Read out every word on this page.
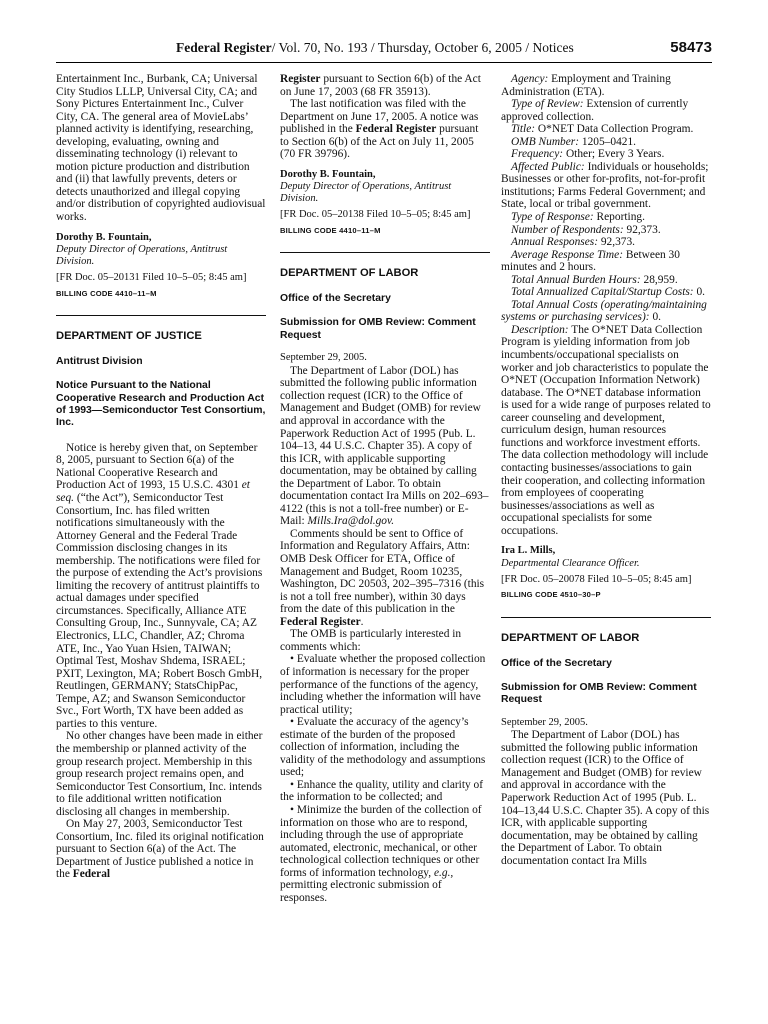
Federal Register/ Vol. 70, No. 193 / Thursday, October 6, 2005 / Notices	58473

Entertainment Inc., Burbank, CA; Universal City Studios LLLP, Universal City, CA; and Sony Pictures Entertainment Inc., Culver City, CA. The general area of MovieLabs’ planned activity is identifying, researching, developing, evaluating, owning and disseminating technology (i) relevant to motion picture production and distribution and (ii) that lawfully prevents, deters or detects unauthorized and illegal copying and/or distribution of copyrighted audiovisual works.

Dorothy B. Fountain,

Deputy Director of Operations, Antitrust Division.

[FR Doc. 05–20131 Filed 10–5–05; 8:45 am]

BILLING CODE 4410–11–M

DEPARTMENT OF JUSTICE

Antitrust Division

Notice Pursuant to the National Cooperative Research and Production Act of 1993—Semiconductor Test Consortium, Inc.

Notice is hereby given that, on September 8, 2005, pursuant to Section 6(a) of the National Cooperative Research and Production Act of 1993, 15 U.S.C. 4301 et seq. (“the Act”), Semiconductor Test Consortium, Inc. has filed written notifications simultaneously with the Attorney General and the Federal Trade Commission disclosing changes in its membership. The notifications were filed for the purpose of extending the Act’s provisions limiting the recovery of antitrust plaintiffs to actual damages under specified circumstances. Specifically, Alliance ATE Consulting Group, Inc., Sunnyvale, CA; AZ Electronics, LLC, Chandler, AZ; Chroma ATE, Inc., Yao Yuan Hsien, TAIWAN; Optimal Test, Moshav Shdema, ISRAEL; PXIT, Lexington, MA; Robert Bosch GmbH, Reutlingen, GERMANY; StatsChipPac, Tempe, AZ; and Swanson Semiconductor Svc., Fort Worth, TX have been added as parties to this venture.

No other changes have been made in either the membership or planned activity of the group research project. Membership in this group research project remains open, and Semiconductor Test Consortium, Inc. intends to file additional written notification disclosing all changes in membership.

On May 27, 2003, Semiconductor Test Consortium, Inc. filed its original notification pursuant to Section 6(a) of the Act. The Department of Justice published a notice in the Federal

Register pursuant to Section 6(b) of the Act on June 17, 2003 (68 FR 35913).

The last notification was filed with the Department on June 17, 2005. A notice was published in the Federal Register pursuant to Section 6(b) of the Act on July 11, 2005 (70 FR 39796).

Dorothy B. Fountain,

Deputy Director of Operations, Antitrust Division.

[FR Doc. 05–20138 Filed 10–5–05; 8:45 am]

BILLING CODE 4410–11–M

DEPARTMENT OF LABOR

Office of the Secretary

Submission for OMB Review: Comment Request

September 29, 2005.

The Department of Labor (DOL) has submitted the following public information collection request (ICR) to the Office of Management and Budget (OMB) for review and approval in accordance with the Paperwork Reduction Act of 1995 (Pub. L. 104–13, 44 U.S.C. Chapter 35). A copy of this ICR, with applicable supporting documentation, may be obtained by calling the Department of Labor. To obtain documentation contact Ira Mills on 202–693–4122 (this is not a toll-free number) or E-Mail: Mills.Ira@dol.gov.

Comments should be sent to Office of Information and Regulatory Affairs, Attn: OMB Desk Officer for ETA, Office of Management and Budget, Room 10235, Washington, DC 20503, 202–395–7316 (this is not a toll free number), within 30 days from the date of this publication in the Federal Register.

The OMB is particularly interested in comments which:

• Evaluate whether the proposed collection of information is necessary for the proper performance of the functions of the agency, including whether the information will have practical utility;

• Evaluate the accuracy of the agency’s estimate of the burden of the proposed collection of information, including the validity of the methodology and assumptions used;

• Enhance the quality, utility and clarity of the information to be collected; and

• Minimize the burden of the collection of information on those who are to respond, including through the use of appropriate automated, electronic, mechanical, or other technological collection techniques or other forms of information technology, e.g., permitting electronic submission of responses.

Agency: Employment and Training Administration (ETA).

Type of Review: Extension of currently approved collection.

Title: O*NET Data Collection Program.

OMB Number: 1205–0421.

Frequency: Other; Every 3 Years.

Affected Public: Individuals or households; Businesses or other for-profits, not-for-profit institutions; Farms Federal Government; and State, local or tribal government.

Type of Response: Reporting.

Number of Respondents: 92,373.

Annual Responses: 92,373.

Average Response Time: Between 30 minutes and 2 hours.

Total Annual Burden Hours: 28,959.

Total Annualized Capital/Startup Costs: 0.

Total Annual Costs (operating/maintaining systems or purchasing services): 0.

Description: The O*NET Data Collection Program is yielding information from job incumbents/occupational specialists on worker and job characteristics to populate the O*NET (Occupation Information Network) database. The O*NET database information is used for a wide range of purposes related to career counseling and development, curriculum design, human resources functions and workforce investment efforts. The data collection methodology will include contacting businesses/associations to gain their cooperation, and collecting information from employees of cooperating businesses/associations as well as occupational specialists for some occupations.

Ira L. Mills,

Departmental Clearance Officer.

[FR Doc. 05–20078 Filed 10–5–05; 8:45 am]

BILLING CODE 4510–30–P

DEPARTMENT OF LABOR

Office of the Secretary

Submission for OMB Review: Comment Request

September 29, 2005.

The Department of Labor (DOL) has submitted the following public information collection request (ICR) to the Office of Management and Budget (OMB) for review and approval in accordance with the Paperwork Reduction Act of 1995 (Pub. L. 104–13,44 U.S.C. Chapter 35). A copy of this ICR, with applicable supporting documentation, may be obtained by calling the Department of Labor. To obtain documentation contact Ira Mills
